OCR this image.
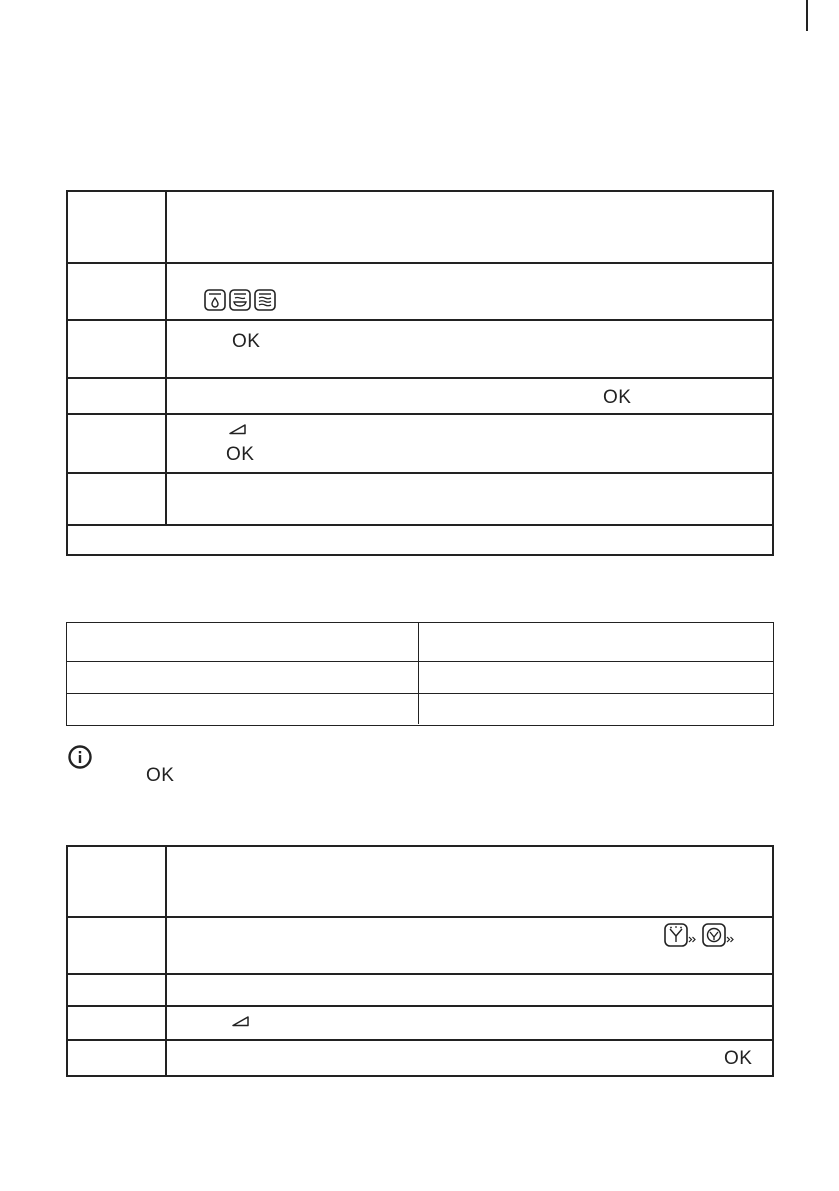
OK
OK
OK
OK
OK
